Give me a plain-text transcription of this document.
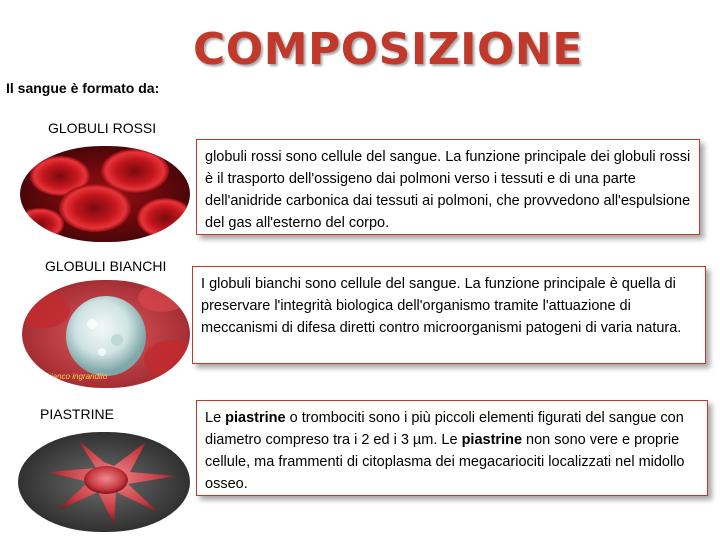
COMPOSIZIONE
Il sangue è formato da:
GLOBULI ROSSI
globuli rossi sono cellule del sangue. La funzione principale dei globuli rossi è il trasporto dell'ossigeno dai polmoni verso i tessuti e di una parte dell'anidride carbonica dai tessuti ai polmoni, che provvedono all'espulsione del gas all'esterno del corpo.
GLOBULI BIANCHI
lo bianco ingrandito
I globuli bianchi sono cellule del sangue. La funzione principale è quella di preservare l'integrità biologica dell'organismo tramite l'attuazione di meccanismi di difesa diretti contro microorganismi patogeni di varia natura.
PIASTRINE	Le piastrine o trombociti sono i più piccoli elementi figurati del sangue con diametro compreso tra i 2 ed i 3 µm. Le piastrine non sono vere e proprie cellule, ma frammenti di citoplasma dei megacariociti localizzati nel midollo osseo.
